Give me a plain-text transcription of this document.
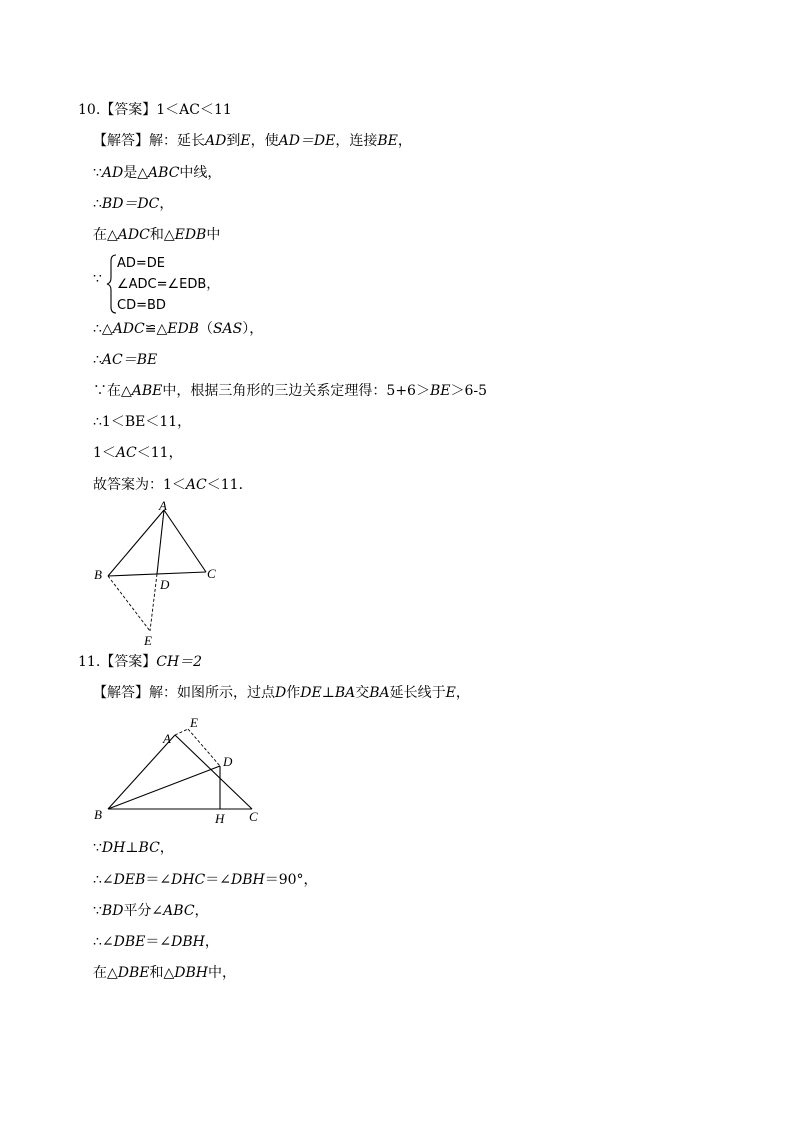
10.【答案】1＜AC＜11
【解答】解：延长AD到E，使AD＝DE，连接BE，
∵AD是△ABC中线，
∴BD＝DC，
在△ADC和△EDB中
∵
AD=DE
∠ADC=∠EDB，
CD=BD
∴△ADC≌△EDB（SAS），
∴AC＝BE
∵在△ABE中，根据三角形的三边关系定理得：5+6＞BE＞6-5
∴1＜BE＜11，
1＜AC＜11，
故答案为：1＜AC＜11．
A
B	C
D
E
11.【答案】CH＝2
【解答】解：如图所示，过点D作DE⊥BA交BA延长线于E，
A
E
D
B	H C
∵DH⊥BC，
∴∠DEB＝∠DHC＝∠DBH＝90°，
∵BD平分∠ABC，
∴∠DBE＝∠DBH，
在△DBE和△DBH中，
